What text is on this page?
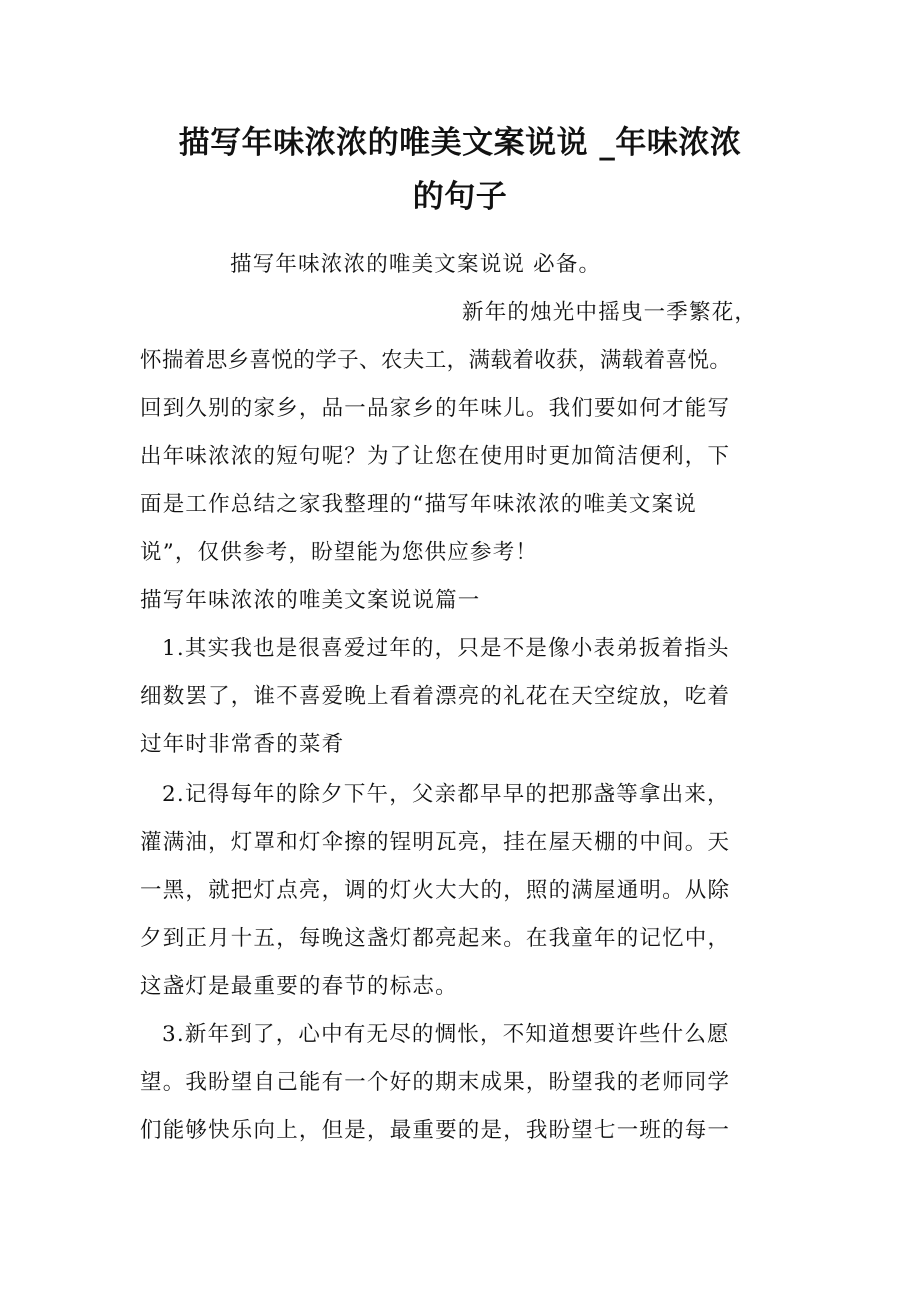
描写年味浓浓的唯美文案说说 _年味浓浓
的句子
描写年味浓浓的唯美文案说说 必备。
新年的烛光中摇曳一季繁花，
怀揣着思乡喜悦的学子、农夫工，满载着收获，满载着喜悦。
回到久别的家乡，品一品家乡的年味儿。我们要如何才能写
出年味浓浓的短句呢？为了让您在使用时更加简洁便利，下
面是工作总结之家我整理的“描写年味浓浓的唯美文案说
说”，仅供参考，盼望能为您供应参考！
描写年味浓浓的唯美文案说说篇一
1.其实我也是很喜爱过年的，只是不是像小表弟扳着指头
细数罢了，谁不喜爱晚上看着漂亮的礼花在天空绽放，吃着
过年时非常香的菜肴
2.记得每年的除夕下午，父亲都早早的把那盏等拿出来，
灌满油，灯罩和灯伞擦的锃明瓦亮，挂在屋天棚的中间。天
一黑，就把灯点亮，调的灯火大大的，照的满屋通明。从除
夕到正月十五，每晚这盏灯都亮起来。在我童年的记忆中，
这盏灯是最重要的春节的标志。
3.新年到了，心中有无尽的惆怅，不知道想要许些什么愿
望。我盼望自己能有一个好的期末成果，盼望我的老师同学
们能够快乐向上，但是，最重要的是，我盼望七一班的每一
